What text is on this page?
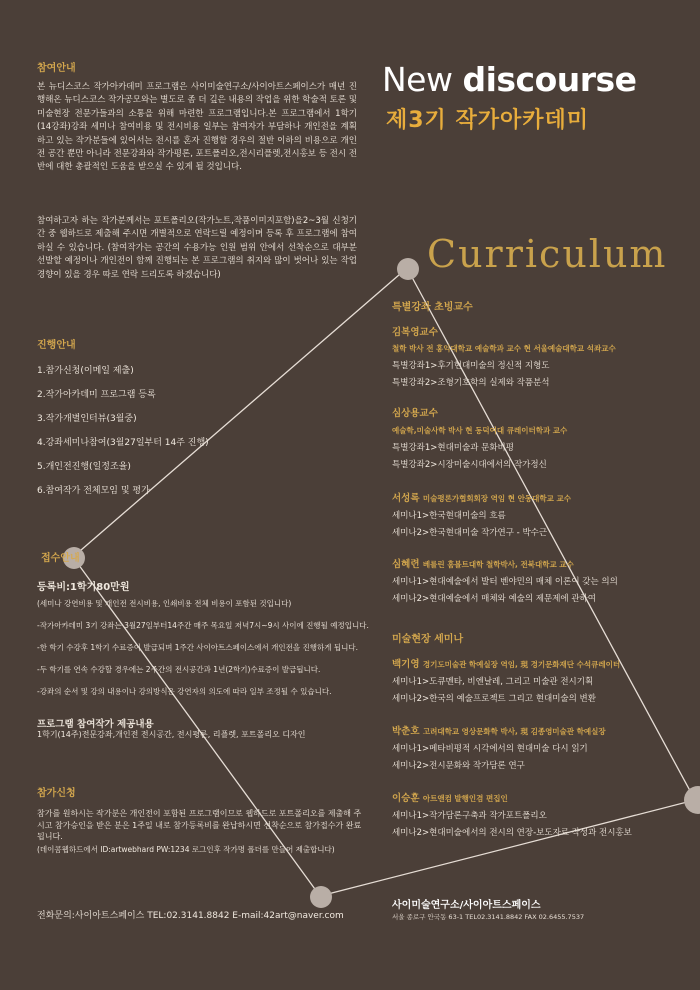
New discourse
제3기 작가아카데미
참여안내
본 뉴디스코스 작가아카데미 프로그램은 사이미술연구소/사이아트스페이스가 매년 진행해온 뉴디스코스 작가공모와는 별도로 좀 더 깊은 내용의 작업을 위한 학술적 토론 및 미술현장 전문가들과의 소통을 위해 마련한 프로그램입니다.본 프로그램에서 1학기(14강좌)강좌 세미나 참여비용 및 전시비용 일부는 참여자가 부담하나 개인전을 계획하고 있는 작가분들에 있어서는 전시를 혼자 진행할 경우의 절반 이하의 비용으로 개인전 공간 뿐만 아니라 전문강좌와 작가평론, 포트폴리오,전시리플렛,전시홍보 등 전시 전반에 대한 총괄적인 도움을 받으실 수 있게 될 것입니다.
참여하고자 하는 작가분께서는 포트폴리오(작가노트,작품이미지포함)을2~3월 신청기간 중 웹하드로 제출해 주시면 개별적으로 연락드릴 예정이며 등록 후 프로그램에 참여하실 수 있습니다. (참여작가는 공간의 수용가능 인원 범위 안에서 선착순으로 대부분 선발할 예정이나 개인전이 함께 진행되는 본 프로그램의 취지와 많이 벗어나 있는 작업 경향이 있을 경우 따로 연락 드리도록 하겠습니다)
진행안내
1.참가신청(이메일 제출)
2.작가아카데미 프로그램 등록
3.작가개별인터뷰(3월중)
4.강좌세미나참여(3월27일부터 14주 진행)
5.개인전진행(일정조율)
6.참여작가 전체모임 및 평가
접수안내
등록비:1학기80만원
(세미나 강연비용 및 개인전 전시비용, 인쇄비용 전체 비용이 포함된 것입니다)
-작가아카데미 3기 강좌는 3월27일부터14주간 매주 목요일 저녁7시~9시 사이에 진행될 예정입니다.
-한 학기 수강후 1학기 수료증이 발급되며 1주간 사이아트스페이스에서 개인전을 진행하게 됩니다.
-두 학기를 연속 수강할 경우에는 2주간의 전시공간과 1년(2학기)수료증이 발급됩니다.
-강좌의 순서 및 강의 내용이나 강의방식은 강연자의 의도에 따라 일부 조정될 수 있습니다.
프로그램 참여작가 제공내용
1학기(14주)전문강좌,개인전 전시공간, 전시평론, 리플렛, 포트폴리오 디자인
참가신청
참가를 원하시는 작가분은 개인전이 포함된 프로그램이므로 웹하드로 포트폴리오를 제출해 주시고 참가승인을 받은 분은 1주일 내로 참가등록비를 완납하시면 선착순으로 참가접수가 완료됩니다.
(데이콤웹하드에서 ID:artwebhard PW:1234 로그인후 작가명 폴더를 만들어 제출합니다)
전화문의:사이아트스페이스 TEL:02.3141.8842 E-mail:42art@naver.com
Curriculum
특별강좌 초빙교수
김복영교수
철학 박사 전 홍익대학교 예술학과 교수 현 서울예술대학교 석좌교수
특별강좌1>후기현대미술의 정신적 지형도
특별강좌2>조형기호학의 실제와 작품분석
심상용교수
예술학,미술사학 박사 현 동덕여대 큐레이터학과 교수
특별강좌1>현대미술과 문화비평
특별강좌2>시장미술시대에서의 작가정신
서성록 미술평론가협회회장 역임 현 안동대학교 교수
세미나1>한국현대미술의 흐름
세미나2>한국현대미술 작가연구 - 박수근
심혜련 베를린 훔볼트대학 철학박사, 전북대학교 교수
세미나1>현대예술에서 발터 벤야민의 매체 이론이 갖는 의의
세미나2>현대예술에서 매체와 예술의 제문제에 관하여
미술현장 세미나
백기영 경기도미술관 학예실장 역임, 現 경기문화재단 수석큐레이터
세미나1>도큐멘타, 비엔날레, 그리고 미술관 전시기획
세미나2>한국의 예술프로젝트 그리고 현대미술의 변환
박춘호 고려대학교 영상문화학 박사, 現 김종영미술관 학예실장
세미나1>메타비평적 시각에서의 현대미술 다시 읽기
세미나2>전시문화와 작가담론 연구
이승훈 아트앤컴 발행인겸 편집인
세미나1>작가담론구축과 작가포트폴리오
세미나2>현대미술에서의 전시의 연장-보도자료 작성과 전시홍보
사이미술연구소/사이아트스페이스
서울 종로구 안국동 63-1 TEL02.3141.8842 FAX 02.6455.7537
